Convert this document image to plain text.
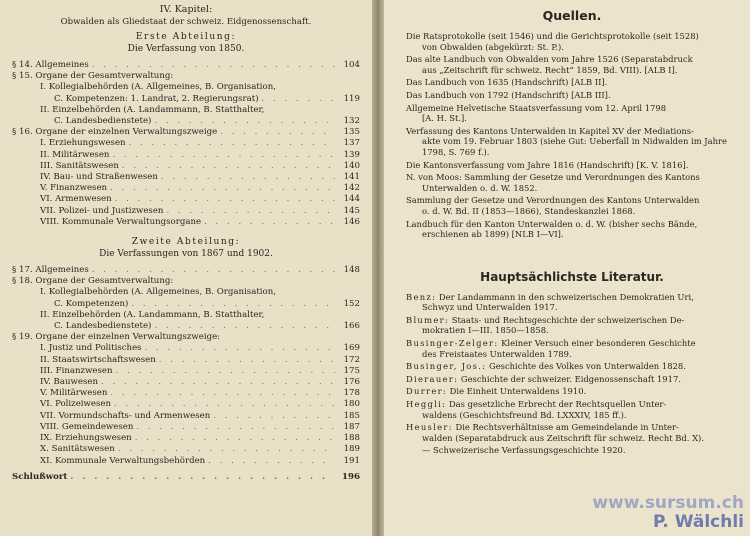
IV. Kapitel:
Obwalden als Gliedstaat der schweiz. Eidgenossenschaft.
Erste Abteilung:
Die Verfassung von 1850.
§ 14. Allgemeines . . .	104
§ 15. Organe der Gesamtverwaltung:
I. Kollegialbehörden (A. Allgemeines, B. Organisation,
C. Kompetenzen: 1. Landrat, 2. Regierungsrat) . . .	119
II. Einzelbehörden (A. Landammann, B. Statthalter,
C. Landesbedienstete) . . .	132
§ 16. Organe der einzelnen Verwaltungszweige . . .	135
I. Erziehungswesen . . .	137
II. Militärwesen . . .	139
III. Sanitätswesen . . .	140
IV. Bau- und Straßenwesen . . .	141
V. Finanzwesen . . .	142
VI. Armenwesen . . .	144
VII. Polizei- und Justizwesen . . .	145
VIII. Kommunale Verwaltungsorgane . . .	146
Zweite Abteilung:
Die Verfassungen von 1867 und 1902.
§ 17. Allgemeines . . .	148
§ 18. Organe der Gesamtverwaltung:
I. Kollegialbehörden (A. Allgemeines, B. Organisation,
C. Kompetenzen) . . .	152
II. Einzelbehörden (A. Landammann, B. Statthalter,
C. Landesbedienstete) . . .	166
§ 19. Organe der einzelnen Verwaltungszweige:
I. Justiz und Politisches . . .	169
II. Staatswirtschaftswesen . . .	172
III. Finanzwesen . . .	175
IV. Bauwesen . . .	176
V. Militärwesen . . .	178
VI. Polizeiwesen . . .	180
VII. Vormundschafts- und Armenwesen . . .	185
VIII. Gemeindewesen . . .	187
IX. Erziehungswesen . . .	188
X. Sanitätswesen . . .	189
XI. Kommunale Verwaltungsbehörden . . .	191
Schlußwort . . .	196
Quellen.
Die Ratsprotokolle (seit 1546) und die Gerichtsprotokolle (seit 1528)
von Obwalden (abgekürzt: St. P.).
Das alte Landbuch von Obwalden vom Jahre 1526 (Separatabdruck
aus „Zeitschrift für schweiz. Recht“ 1859, Bd. VIII). [ALB I].
Das Landbuch von 1635 (Handschrift) [ALB II].
Das Landbuch von 1792 (Handschrift) [ALB III].
Allgemeine Helvetische Staatsverfassung vom 12. April 1798
[A. H. St.].
Verfassung des Kantons Unterwalden in Kapitel XV der Mediations-
akte vom 19. Februar 1803 (siehe Gut: Ueberfall in Nidwalden im Jahre 1798, S. 769 f.).
Die Kantonsverfassung vom Jahre 1816 (Handschrift) [K. V. 1816].
N. von Moos: Sammlung der Gesetze und Verordnungen des Kantons
Unterwalden o. d. W. 1852.
Sammlung der Gesetze und Verordnungen des Kantons Unterwalden
o. d. W. Bd. II (1853—1866), Standeskanzlei 1868.
Landbuch für den Kanton Unterwalden o. d. W. (bisher sechs Bände,
erschienen ab 1899) [NLB I—VI].
Hauptsächlichste Literatur.
Benz: Der Landammann in den schweizerischen Demokratien Uri,
Schwyz und Unterwalden 1917.
Blumer: Staats- und Rechtsgeschichte der schweizerischen De-
mokratien I—III. 1850—1858.
Businger-Zelger: Kleiner Versuch einer besonderen Geschichte
des Freistaates Unterwalden 1789.
Businger, Jos.: Geschichte des Volkes von Unterwalden 1828.
Dierauer: Geschichte der schweizer. Eidgenossenschaft 1917.
Durrer: Die Einheit Unterwaldens 1910.
Heggli: Das gesetzliche Erbrecht der Rechtsquellen Unter-
waldens (Geschichtsfreund Bd. LXXXIV, 185 ff.).
Heusler: Die Rechtsverhältnisse am Gemeindelande in Unter-
walden (Separatabdruck aus Zeitschrift für schweiz. Recht Bd. X).
— Schweizerische Verfassungsgeschichte 1920.
www.sursum.ch
P. Wälchli
